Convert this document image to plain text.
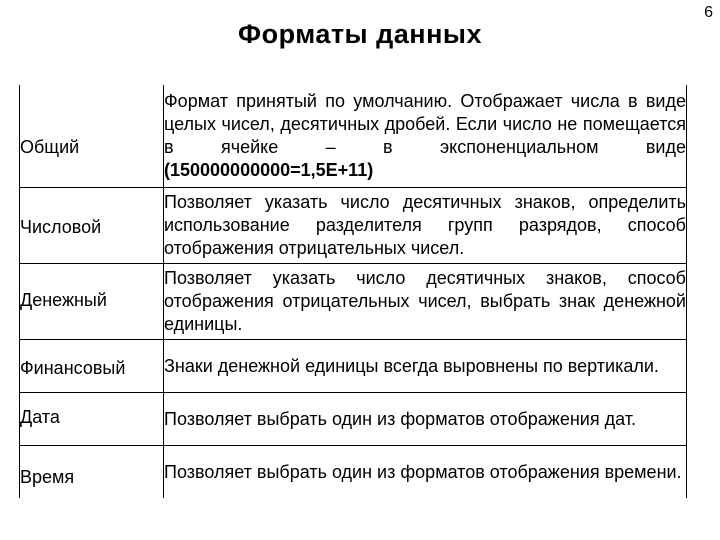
6
Форматы данных
Общий	Формат принятый по умолчанию. Отображает числа в виде целых чисел, десятичных дробей. Если число не помещается в ячейке – в экспоненциальном виде (150000000000=1,5E+11)

Числовой	Позволяет указать число десятичных знаков, определить использование разделителя групп разрядов, способ отображения отрицательных чисел.

Денежный	Позволяет указать число десятичных знаков, способ отображения отрицательных чисел, выбрать знак денежной единицы.

Финансовый	Знаки денежной единицы всегда выровнены по вертикали.

Дата	Позволяет выбрать один из форматов отображения дат.

Время	Позволяет выбрать один из форматов отображения времени.
